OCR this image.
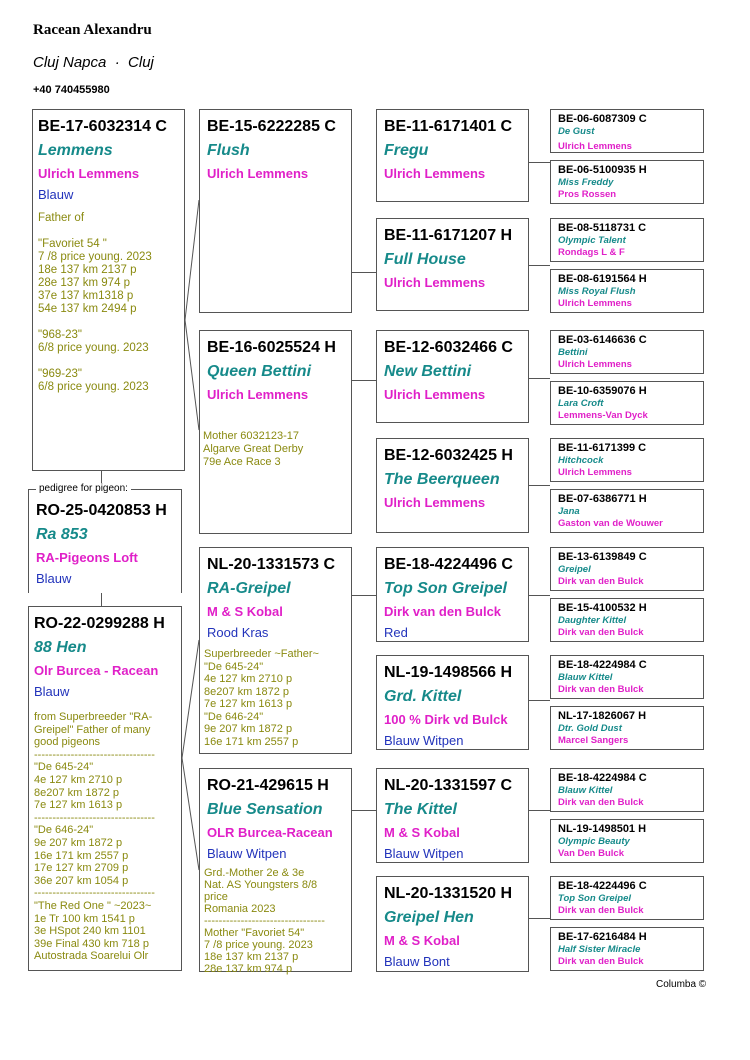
Racean Alexandru
Cluj Napca  ·  Cluj
+40 740455980
BE-17-6032314 C
Lemmens
Ulrich Lemmens
Blauw
Father of

"Favoriet 54 "
7 /8 price young. 2023
18e 137 km 2137 p
28e 137 km 974 p
37e 137 km1318 p
54e 137 km 2494 p

"968-23"
6/8 price young. 2023

"969-23"
6/8 price young. 2023
pedigree for pigeon:
RO-25-0420853 H
Ra 853
RA-Pigeons Loft
Blauw
RO-22-0299288 H
88 Hen
Olr Burcea - Racean
Blauw
from Superbreeder "RA-Greipel" Father of many good pigeons
---------------------------------
"De 645-24"
4e 127 km 2710 p
8e207 km 1872 p
7e 127 km 1613 p
---------------------------------
"De 646-24"
9e 207 km 1872 p
16e 171 km 2557 p
17e 127 km 2709 p
36e 207 km 1054 p
---------------------------------
"The Red One " ~2023~
1e Tr 100 km 1541 p
3e HSpot 240 km 1101
39e Final 430 km 718 p
Autostrada Soarelui Olr
BE-15-6222285 C
Flush
Ulrich Lemmens
BE-16-6025524 H
Queen Bettini
Ulrich Lemmens
Mother 6032123-17
Algarve Great Derby
79e Ace Race 3
NL-20-1331573 C
RA-Greipel
M & S Kobal
Rood Kras
Superbreeder ~Father~
"De 645-24"
4e 127 km 2710 p
8e207 km 1872 p
7e 127 km 1613 p
"De 646-24"
9e 207 km 1872 p
16e 171 km 2557 p
RO-21-429615 H
Blue Sensation
OLR Burcea-Racean
Blauw Witpen
Grd.-Mother 2e & 3e
Nat. AS Youngsters 8/8 price
Romania 2023
---------------------------------
Mother "Favoriet 54"
7 /8 price young. 2023
18e 137 km 2137 p
28e 137 km 974 p
BE-11-6171401 C
Fregu
Ulrich Lemmens
BE-11-6171207 H
Full House
Ulrich Lemmens
BE-12-6032466 C
New Bettini
Ulrich Lemmens
BE-12-6032425 H
The Beerqueen
Ulrich Lemmens
BE-18-4224496 C
Top Son Greipel
Dirk van den Bulck
Red
NL-19-1498566 H
Grd. Kittel
100 % Dirk vd Bulck
Blauw Witpen
NL-20-1331597 C
The Kittel
M & S Kobal
Blauw Witpen
NL-20-1331520 H
Greipel Hen
M & S Kobal
Blauw Bont
BE-06-6087309 C
De Gust
Ulrich Lemmens
BE-06-5100935 H
Miss Freddy
Pros Rossen
BE-08-5118731 C
Olympic Talent
Rondags L & F
BE-08-6191564 H
Miss Royal Flush
Ulrich Lemmens
BE-03-6146636 C
Bettini
Ulrich Lemmens
BE-10-6359076 H
Lara Croft
Lemmens-Van Dyck
BE-11-6171399 C
Hitchcock
Ulrich Lemmens
BE-07-6386771 H
Jana
Gaston van de Wouwer
BE-13-6139849 C
Greipel
Dirk van den Bulck
BE-15-4100532 H
Daughter Kittel
Dirk van den Bulck
BE-18-4224984 C
Blauw Kittel
Dirk van den Bulck
NL-17-1826067 H
Dtr. Gold Dust
Marcel Sangers
BE-18-4224984 C
Blauw Kittel
Dirk van den Bulck
NL-19-1498501 H
Olympic Beauty
Van Den Bulck
BE-18-4224496 C
Top Son Greipel
Dirk van den Bulck
BE-17-6216484 H
Half Sister Miracle
Dirk van den Bulck
Columba ©
